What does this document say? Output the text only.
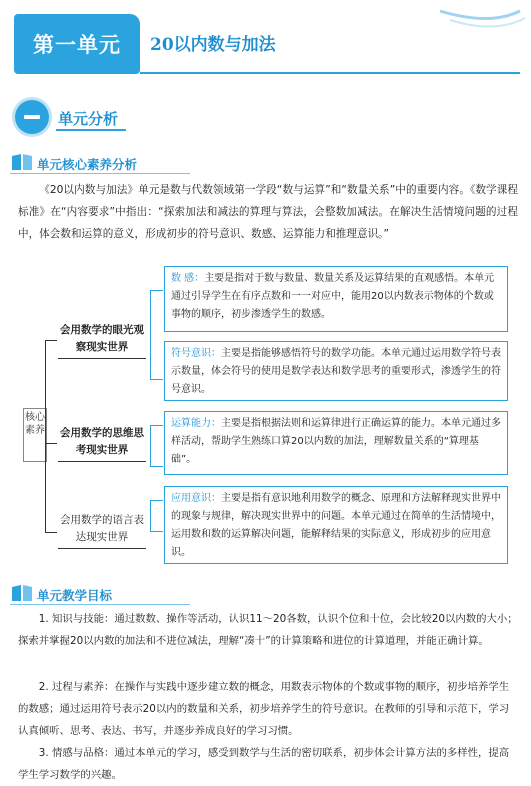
第一单元	20以内数与加法
单元分析
单元核心素养分析
《20以内数与加法》单元是数与代数领域第一学段“数与运算”和“数量关系”中的重要内容。《数学课程标准》在“内容要求”中指出：“探索加法和减法的算理与算法，会整数加减法。在解决生活情境问题的过程中，体会数和运算的意义，形成初步的符号意识、数感、运算能力和推理意识。”
核心素养
会用数学的眼光观察现实世界
会用数学的思维思考现实世界
会用数学的语言表达现实世界
数 感：主要是指对于数与数量、数量关系及运算结果的直观感悟。本单元通过引导学生在有序点数和一一对应中，能用20以内数表示物体的个数或事物的顺序，初步渗透学生的数感。
符号意识：主要是指能够感悟符号的数学功能。本单元通过运用数学符号表示数量，体会符号的使用是数学表达和数学思考的重要形式，渗透学生的符号意识。
运算能力：主要是指根据法则和运算律进行正确运算的能力。本单元通过多样活动，帮助学生熟练口算20以内数的加法，理解数量关系的“算理基础”。
应用意识：主要是指有意识地利用数学的概念、原理和方法解释现实世界中的现象与规律，解决现实世界中的问题。本单元通过在简单的生活情境中，运用数和数的运算解决问题，能解释结果的实际意义，形成初步的应用意识。
单元教学目标
1. 知识与技能：通过数数、操作等活动，认识11～20各数，认识个位和十位，会比较20以内数的大小；探索并掌握20以内数的加法和不进位减法，理解“凑十”的计算策略和进位的计算道理，并能正确计算。
2. 过程与素养：在操作与实践中逐步建立数的概念，用数表示物体的个数或事物的顺序，初步培养学生的数感；通过运用符号表示20以内的数量和关系，初步培养学生的符号意识。在教师的引导和示范下，学习认真倾听、思考、表达、书写，并逐步养成良好的学习习惯。
3. 情感与品格：通过本单元的学习，感受到数学与生活的密切联系，初步体会计算方法的多样性，提高学生学习数学的兴趣。
